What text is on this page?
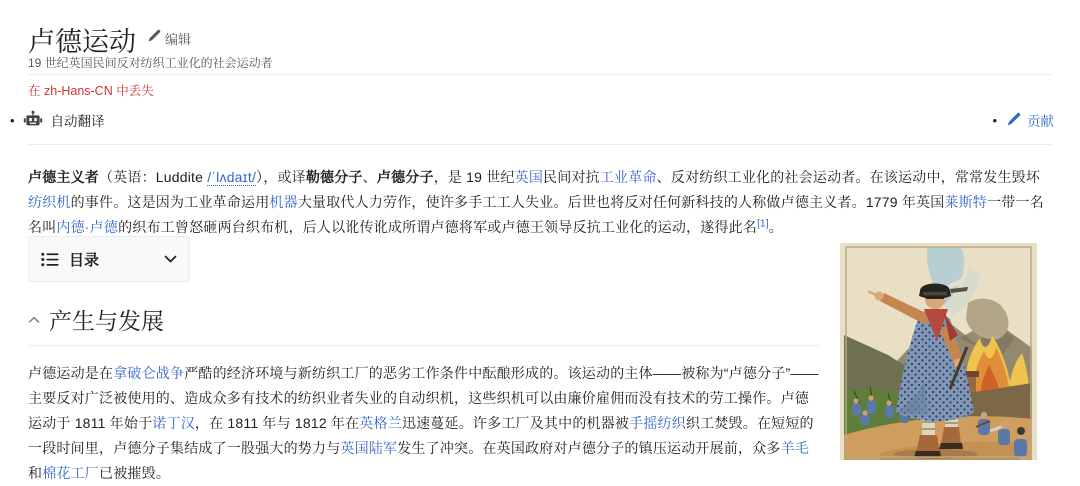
卢德运动 编辑
19 世纪英国民间反对纺织工业化的社会运动者
在 zh-Hans-CN 中丢失
•	自动翻译	• 贡献

卢德主义者（英语：Luddite /ˈlʌdaɪt/），或译勒德分子、卢德分子，是 19 世纪英国民间对抗工业革命、反对纺织工业化的社会运动者。在该运动中，常常发生毁坏纺织机的事件。这是因为工业革命运用机器大量取代人力劳作，使许多手工工人失业。后世也将反对任何新科技的人称做卢德主义者。1779 年英国莱斯特一带一名名叫内德·卢德的织布工曾怒砸两台织布机，后人以讹传讹成所谓卢德将军或卢德王领导反抗工业化的运动，遂得此名[1]。

目录
产生与发展

卢德运动是在拿破仑战争严酷的经济环境与新纺织工厂的恶劣工作条件中酝酿形成的。该运动的主体——被称为“卢德分子”——主要反对广泛被使用的、造成众多有技术的纺织业者失业的自动织机，这些织机可以由廉价雇佣而没有技术的劳工操作。卢德运动于 1811 年始于诺丁汉，在 1811 年与 1812 年在英格兰迅速蔓延。许多工厂及其中的机器被手摇纺织织工焚毁。在短短的一段时间里，卢德分子集结成了一股强大的势力与英国陆军发生了冲突。在英国政府对卢德分子的镇压运动开展前，众多羊毛和棉花工厂已被摧毁。
